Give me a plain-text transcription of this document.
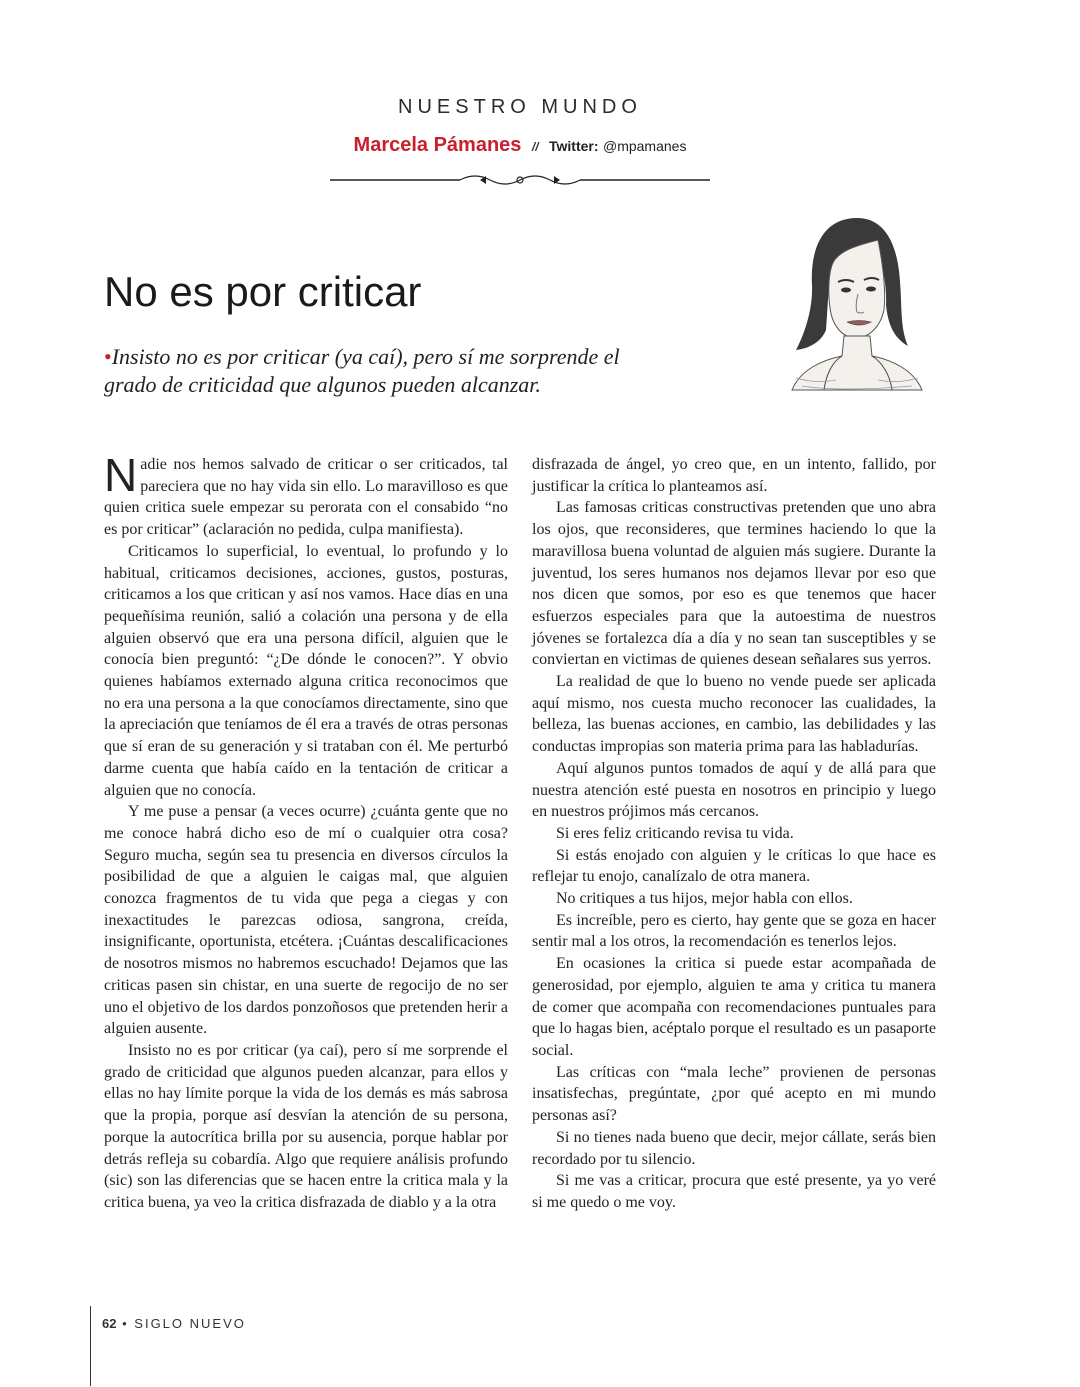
NUESTRO MUNDO
Marcela Pámanes // Twitter: @mpamanes
No es por criticar
•Insisto no es por criticar (ya caí), pero sí me sorprende el grado de criticidad que algunos pueden alcanzar.

Nadie nos hemos salvado de criticar o ser criticados, tal pareciera que no hay vida sin ello. Lo maravilloso es que quien critica suele empezar su perorata con el consabido “no es por criticar” (aclaración no pedida, culpa manifiesta).

Criticamos lo superficial, lo eventual, lo profundo y lo habitual, criticamos decisiones, acciones, gustos, posturas, criticamos a los que critican y así nos vamos. Hace días en una pequeñísima reunión, salió a colación una persona y de ella alguien observó que era una persona difícil, alguien que le conocía bien preguntó: “¿De dónde le conocen?”. Y obvio quienes habíamos externado alguna critica reconocimos que no era una persona a la que conocíamos directamente, sino que la apreciación que teníamos de él era a través de otras personas que sí eran de su generación y si trataban con él. Me perturbó darme cuenta que había caído en la tentación de criticar a alguien que no conocía.

Y me puse a pensar (a veces ocurre) ¿cuánta gente que no me conoce habrá dicho eso de mí o cualquier otra cosa? Seguro mucha, según sea tu presencia en diversos círculos la posibilidad de que a alguien le caigas mal, que alguien conozca fragmentos de tu vida que pega a ciegas y con inexactitudes le parezcas odiosa, sangrona, creída, insignificante, oportunista, etcétera. ¡Cuántas descalificaciones de nosotros mismos no habremos escuchado! Dejamos que las criticas pasen sin chistar, en una suerte de regocijo de no ser uno el objetivo de los dardos ponzoñosos que pretenden herir a alguien ausente.

Insisto no es por criticar (ya caí), pero sí me sorprende el grado de criticidad que algunos pueden alcanzar, para ellos y ellas no hay límite porque la vida de los demás es más sabrosa que la propia, porque así desvían la atención de su persona, porque la autocrítica brilla por su ausencia, porque hablar por detrás refleja su cobardía. Algo que requiere análisis profundo (sic) son las diferencias que se hacen entre la critica mala y la critica buena, ya veo la critica disfrazada de diablo y a la otra

disfrazada de ángel, yo creo que, en un intento, fallido, por justificar la crítica lo planteamos así.

Las famosas criticas constructivas pretenden que uno abra los ojos, que reconsideres, que termines haciendo lo que la maravillosa buena voluntad de alguien más sugiere. Durante la juventud, los seres humanos nos dejamos llevar por eso que nos dicen que somos, por eso es que tenemos que hacer esfuerzos especiales para que la autoestima de nuestros jóvenes se fortalezca día a día y no sean tan susceptibles y se conviertan en victimas de quienes desean señalares sus yerros.

La realidad de que lo bueno no vende puede ser aplicada aquí mismo, nos cuesta mucho reconocer las cualidades, la belleza, las buenas acciones, en cambio, las debilidades y las conductas impropias son materia prima para las habladurías.

Aquí algunos puntos tomados de aquí y de allá para que nuestra atención esté puesta en nosotros en principio y luego en nuestros prójimos más cercanos.

Si eres feliz criticando revisa tu vida.

Si estás enojado con alguien y le críticas lo que hace es reflejar tu enojo, canalízalo de otra manera.

No critiques a tus hijos, mejor habla con ellos.

Es increíble, pero es cierto, hay gente que se goza en hacer sentir mal a los otros, la recomendación es tenerlos lejos.

En ocasiones la critica si puede estar acompañada de generosidad, por ejemplo, alguien te ama y critica tu manera de comer que acompaña con recomendaciones puntuales para que lo hagas bien, acéptalo porque el resultado es un pasaporte social.

Las críticas con “mala leche” provienen de personas insatisfechas, pregúntate, ¿por qué acepto en mi mundo personas así?

Si no tienes nada bueno que decir, mejor cállate, serás bien recordado por tu silencio.

Si me vas a criticar, procura que esté presente, ya yo veré si me quedo o me voy.

62 • SIGLO NUEVO
